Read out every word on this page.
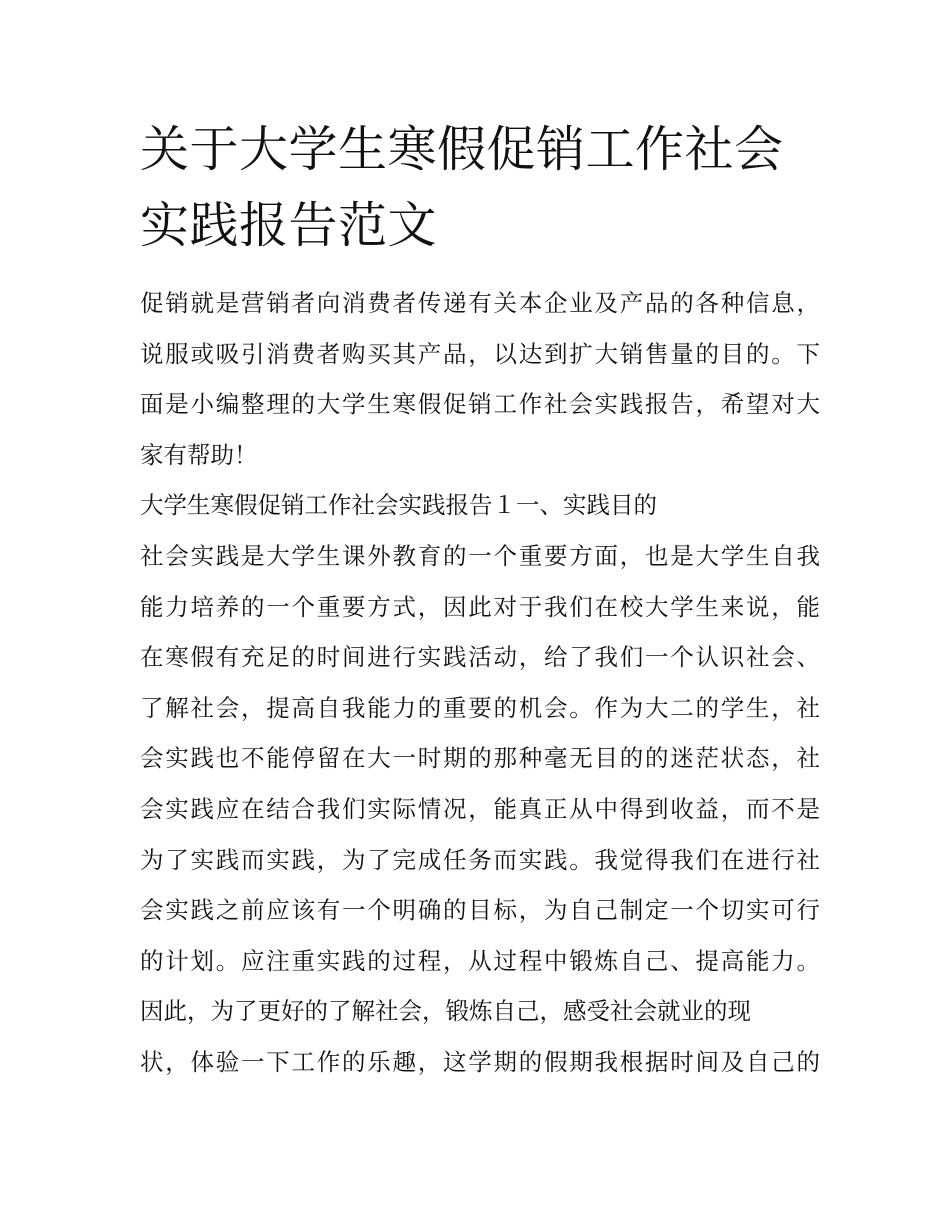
关于大学生寒假促销工作社会实践报告范文
促销就是营销者向消费者传递有关本企业及产品的各种信息，
说服或吸引消费者购买其产品，以达到扩大销售量的目的。下
面是小编整理的大学生寒假促销工作社会实践报告，希望对大
家有帮助！
大学生寒假促销工作社会实践报告１一、实践目的
社会实践是大学生课外教育的一个重要方面，也是大学生自我
能力培养的一个重要方式，因此对于我们在校大学生来说，能
在寒假有充足的时间进行实践活动，给了我们一个认识社会、
了解社会，提高自我能力的重要的机会。作为大二的学生，社
会实践也不能停留在大一时期的那种毫无目的的迷茫状态，社
会实践应在结合我们实际情况，能真正从中得到收益，而不是
为了实践而实践，为了完成任务而实践。我觉得我们在进行社
会实践之前应该有一个明确的目标，为自己制定一个切实可行
的计划。应注重实践的过程，从过程中锻炼自己、提高能力。
因此，为了更好的了解社会，锻炼自己，感受社会就业的现
状，体验一下工作的乐趣，这学期的假期我根据时间及自己的
